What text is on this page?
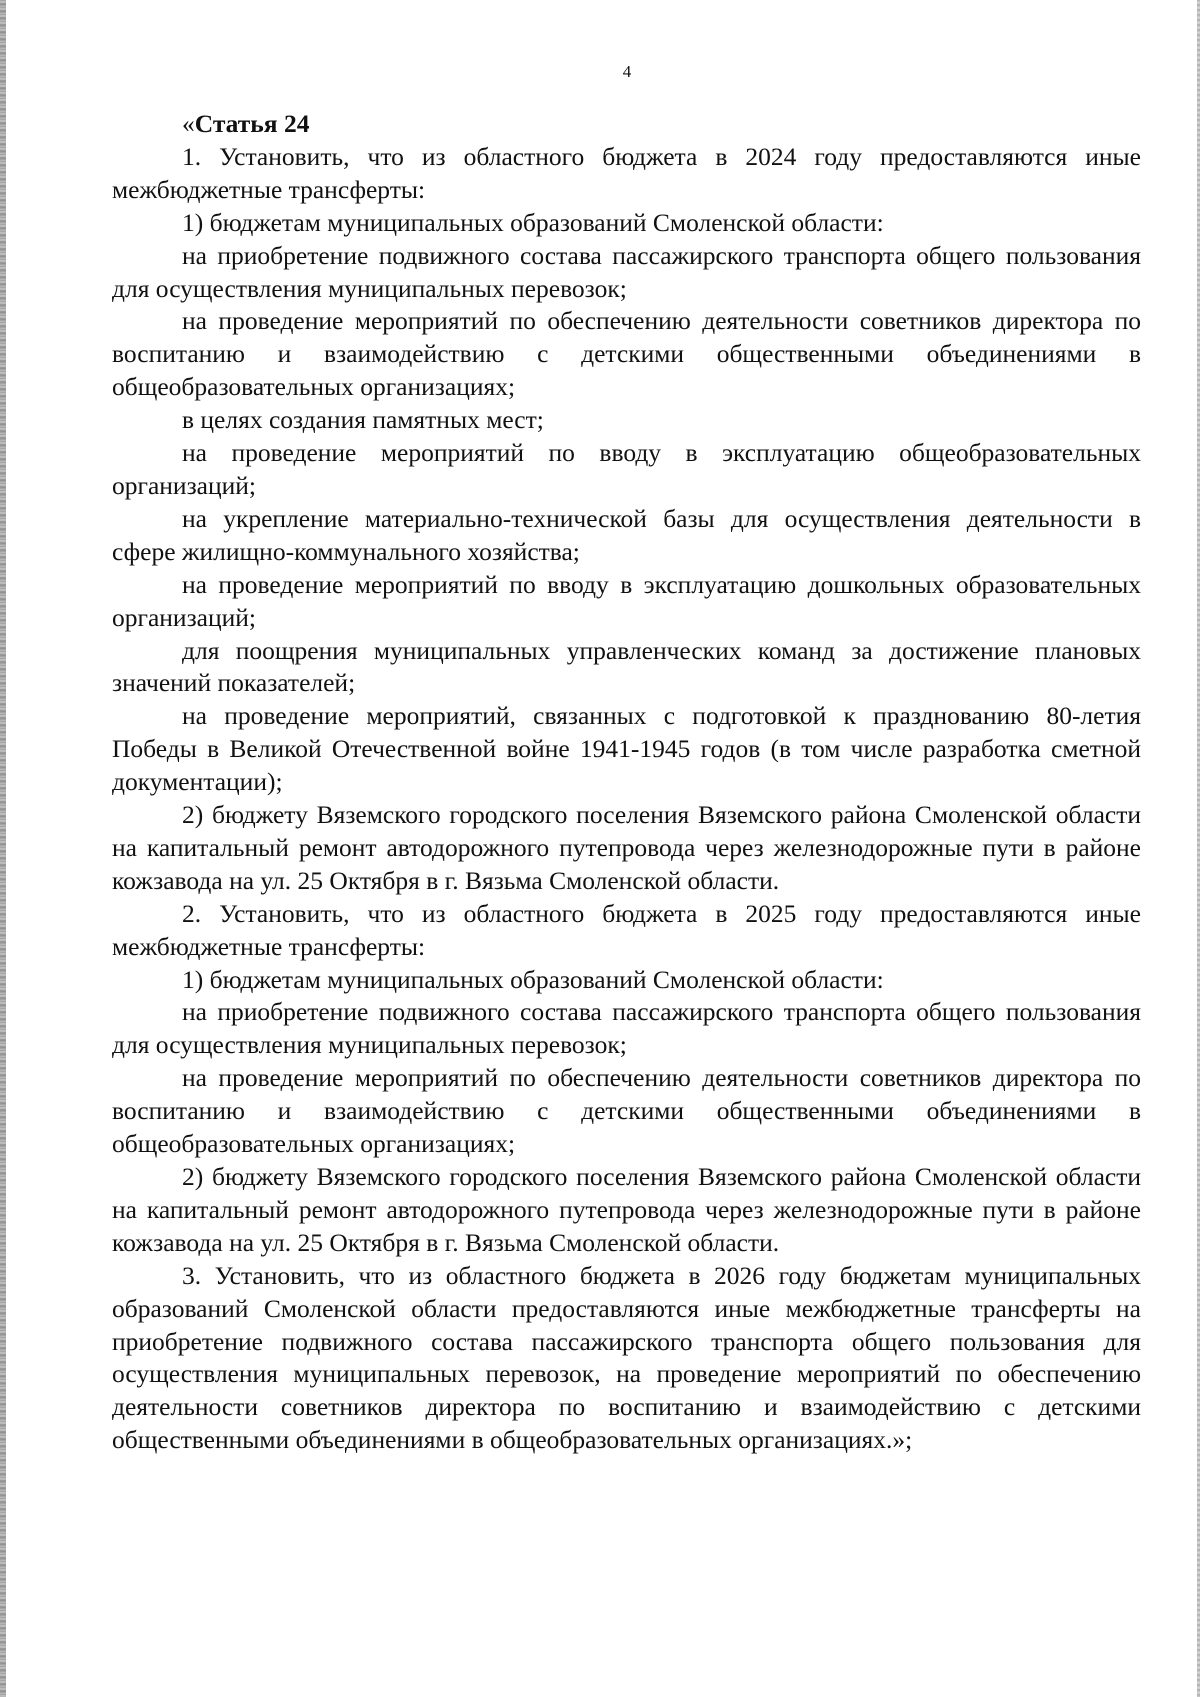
4

«Статья 24

1. Установить, что из областного бюджета в 2024 году предоставляются иные межбюджетные трансферты:

1) бюджетам муниципальных образований Смоленской области:

на приобретение подвижного состава пассажирского транспорта общего пользования для осуществления муниципальных перевозок;

на проведение мероприятий по обеспечению деятельности советников директора по воспитанию и взаимодействию с детскими общественными объединениями в общеобразовательных организациях;

в целях создания памятных мест;

на проведение мероприятий по вводу в эксплуатацию общеобразовательных организаций;

на укрепление материально-технической базы для осуществления деятельности в сфере жилищно-коммунального хозяйства;

на проведение мероприятий по вводу в эксплуатацию дошкольных образовательных организаций;

для поощрения муниципальных управленческих команд за достижение плановых значений показателей;

на проведение мероприятий, связанных с подготовкой к празднованию 80-летия Победы в Великой Отечественной войне 1941-1945 годов (в том числе разработка сметной документации);

2) бюджету Вяземского городского поселения Вяземского района Смоленской области на капитальный ремонт автодорожного путепровода через железнодорожные пути в районе кожзавода на ул. 25 Октября в г. Вязьма Смоленской области.

2. Установить, что из областного бюджета в 2025 году предоставляются иные межбюджетные трансферты:

1) бюджетам муниципальных образований Смоленской области:

на приобретение подвижного состава пассажирского транспорта общего пользования для осуществления муниципальных перевозок;

на проведение мероприятий по обеспечению деятельности советников директора по воспитанию и взаимодействию с детскими общественными объединениями в общеобразовательных организациях;

2) бюджету Вяземского городского поселения Вяземского района Смоленской области на капитальный ремонт автодорожного путепровода через железнодорожные пути в районе кожзавода на ул. 25 Октября в г. Вязьма Смоленской области.

3. Установить, что из областного бюджета в 2026 году бюджетам муниципальных образований Смоленской области предоставляются иные межбюджетные трансферты на приобретение подвижного состава пассажирского транспорта общего пользования для осуществления муниципальных перевозок, на проведение мероприятий по обеспечению деятельности советников директора по воспитанию и взаимодействию с детскими общественными объединениями в общеобразовательных организациях.»;
